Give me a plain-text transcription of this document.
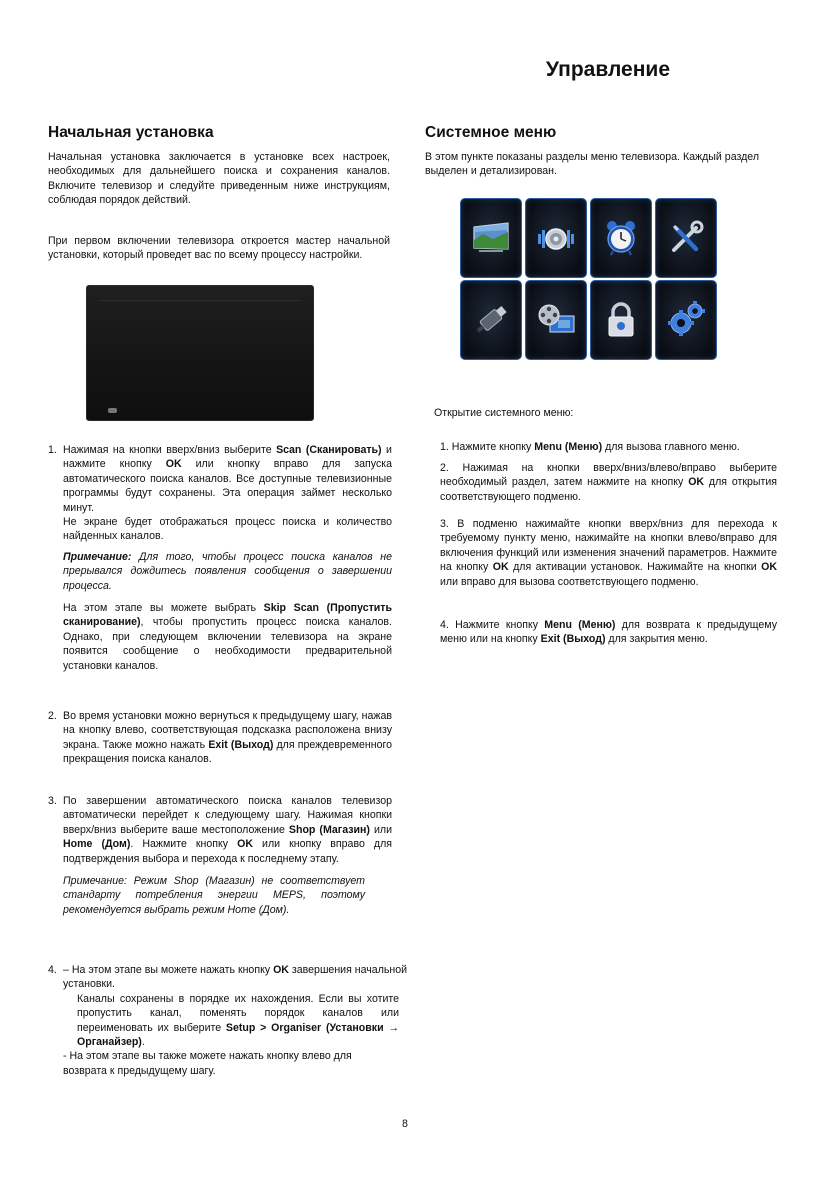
Управление
Начальная установка

Начальная установка заключается в установке всех настроек, необходимых для дальнейшего поиска и сохранения каналов. Включите телевизор и следуйте приведенным ниже инструкциям, соблюдая порядок действий.

При первом включении телевизора откроется мастер начальной установки, который проведет вас по всему процессу настройки.

1. Нажимая на кнопки вверх/вниз выберите Scan (Сканировать) и нажмите кнопку OK или кнопку вправо для запуска автоматического поиска каналов. Все доступные телевизионные программы будут сохранены. Эта операция займет несколько минут.

Не экране будет отображаться процесс поиска и количество найденных каналов.

Примечание: Для того, чтобы процесс поиска каналов не прерывался дождитесь появления сообщения о завершении процесса.

На этом этапе вы можете выбрать Skip Scan (Пропустить сканирование), чтобы пропустить процесс поиска каналов. Однако, при следующем включении телевизора на экране появится сообщение о необходимости предварительной установки каналов.

2. Во время установки можно вернуться к предыдущему шагу, нажав на кнопку влево, соответствующая подсказка расположена внизу экрана. Также можно нажать Exit (Выход) для преждевременного прекращения поиска каналов.

3. По завершении автоматического поиска каналов телевизор автоматически перейдет к следующему шагу. Нажимая кнопки вверх/вниз выберите ваше местоположение Shop (Магазин) или Home (Дом). Нажмите кнопку OK или кнопку вправо для подтверждения выбора и перехода к последнему этапу.

Примечание: Режим Shop (Магазин) не соответствует стандарту потребления энергии MEPS, поэтому рекомендуется выбрать режим Home (Дом).

4. – На этом этапе вы можете нажать кнопку OK завершения начальной установки.

Каналы сохранены в порядке их нахождения. Если вы хотите пропустить канал, поменять порядок каналов или переименовать их выберите Setup > Organiser (Установки → Органайзер).

- На этом этапе вы также можете нажать кнопку влево для возврата к предыдущему шагу.

Системное меню

В этом пункте показаны разделы меню телевизора. Каждый раздел выделен и детализирован.

Открытие системного меню:

1. Нажмите кнопку Menu (Меню) для вызова главного меню.

2. Нажимая на кнопки вверх/вниз/влево/вправо выберите необходимый раздел, затем нажмите на кнопку OK для открытия соответствующего подменю.

3. В подменю нажимайте кнопки вверх/вниз для перехода к требуемому пункту меню, нажимайте на кнопки влево/вправо для включения функций или изменения значений параметров. Нажмите на кнопку OK для активации установок. Нажимайте на кнопки OK или вправо для вызова соответствующего подменю.

4. Нажмите кнопку Menu (Меню) для возврата к предыдущему меню или на кнопку Exit (Выход) для закрытия меню.

8
